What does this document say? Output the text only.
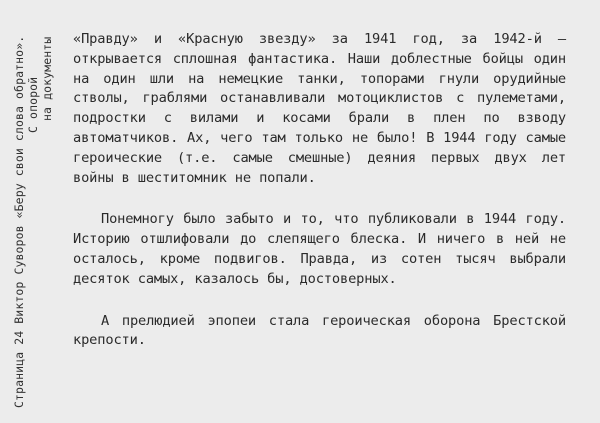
Страница 24 Виктор Суворов «Беру свои слова обратно». С опорой на документы «Правду» и «Красную звезду» за 1941 год, за 1942-й – открывается сплошная фантастика. Наши доблестные бойцы один на один шли на немецкие танки, топорами гнули орудийные стволы, граблями останавливали мотоциклистов с пулеметами, подростки с вилами и косами брали в плен по взводу автоматчиков. Ах, чего там только не было! В 1944 году самые героические (т.е. самые смешные) деяния первых двух лет войны в шеститомник не попали.

Понемногу было забыто и то, что публиковали в 1944 году. Историю отшлифовали до слепящего блеска. И ничего в ней не осталось, кроме подвигов. Правда, из сотен тысяч выбрали десяток самых, казалось бы, достоверных.

А прелюдией эпопеи стала героическая оборона Брестской крепости.
